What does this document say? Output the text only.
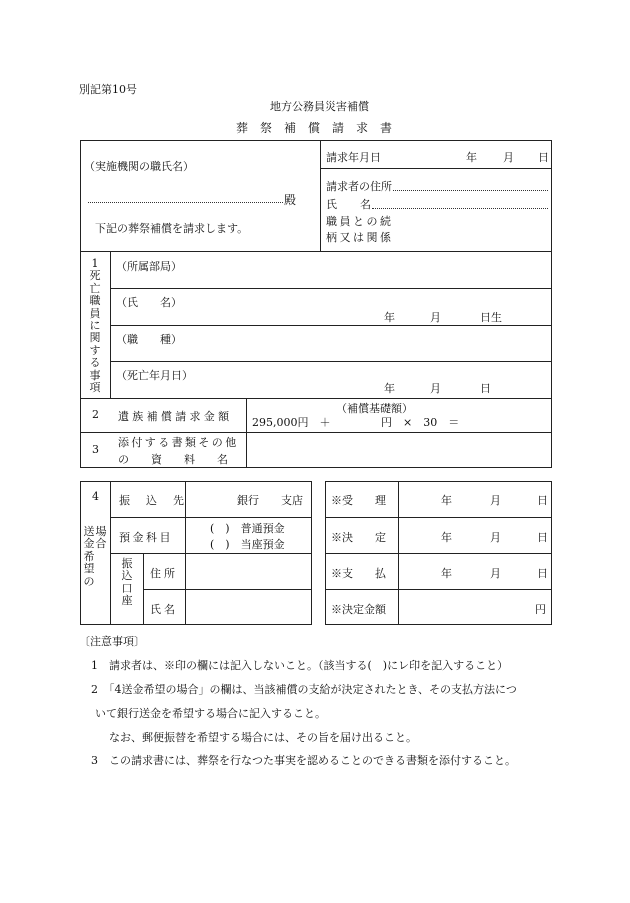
別記第10号
地方公務員災害補償
葬　祭　補　償　請　求　書
（実施機関の職氏名）
殿
下記の葬祭補償を請求します。
請求年月日	年 月 日
請求者の住所
氏 名
職員との続
柄又は関係
1
死
亡
職
員
に
関
す
る
事
項
（所属部局）
（氏　　名）
年	月	日生
（職　　種）
（死亡年月日）
年	月	日
2 遺族補償請求金額
（補償基礎額）
295,000円　＋	円 ×　30　＝
3
添付する書類その他
の　　資　　料　　名
4
送
金
希
望
の
場
合
振　込　先	銀行　　支店
預金科目
(　)　普通預金
(　)　当座預金
振
込
口
座
住所
氏名
※受　　理	年	月	日
※決　　定	年	月	日
※支　　払	年	月	日
※決定金額	円
〔注意事項〕
1　請求者は、※印の欄には記入しないこと。（該当する(　)にレ印を記入すること）
2　「4送金希望の場合」の欄は、当該補償の支給が決定されたとき、その支払方法につ
いて銀行送金を希望する場合に記入すること。
なお、郵便振替を希望する場合には、その旨を届け出ること。
3　この請求書には、葬祭を行なつた事実を認めることのできる書類を添付すること。
